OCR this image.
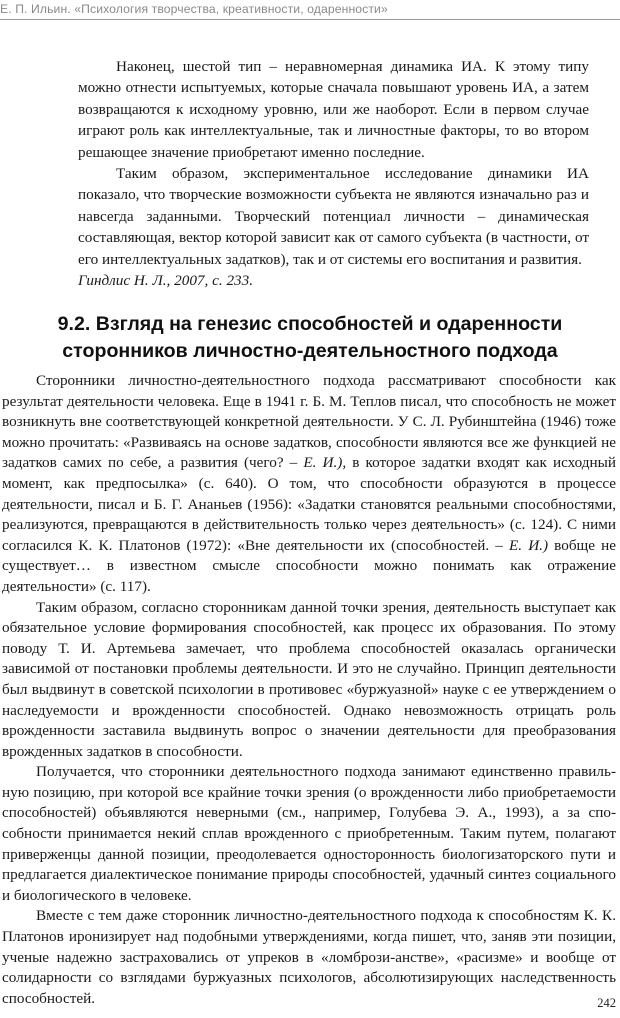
Е. П. Ильин. «Психология творчества, креативности, одаренности»

Наконец, шестой тип – неравномерная динамика ИА. К этому типу можно отнести испытуемых, которые сначала повышают уровень ИА, а затем возвращаются к исходному уровню, или же наоборот. Если в первом случае играют роль как интеллектуальные, так и личностные факторы, то во втором решающее значение приобретают именно последние.

Таким образом, экспериментальное исследование динамики ИА показало, что творческие возможности субъекта не являются изначально раз и навсегда заданными. Творческий потенциал личности – динамическая составляющая, вектор которой зависит как от самого субъекта (в частности, от его интеллектуальных задатков), так и от системы его воспитания и развития.

Гиндлис Н. Л., 2007, с. 233.

9.2. Взгляд на генезис способностей и одаренности
сторонников личностно-деятельностного подхода

Сторонники личностно-деятельностного подхода рассматривают способности как результат деятельности человека. Еще в 1941 г. Б. М. Теплов писал, что способность не может возникнуть вне соответствующей конкретной деятельности. У С. Л. Рубинштейна (1946) тоже можно прочитать: «Развиваясь на основе задатков, способности являются все же функцией не задатков самих по себе, а развития (чего? – Е. И.), в которое задатки входят как исходный момент, как предпосылка» (с. 640). О том, что способности образуются в процессе деятельности, писал и Б. Г. Ананьев (1956): «Задатки становятся реальными способностями, реализуются, превращаются в действительность только через деятельность» (с. 124). С ними согласился К. К. Платонов (1972): «Вне деятельности их (способностей. – Е. И.) вобще не существует… в известном смысле способности можно понимать как отражение деятельности» (с. 117).

Таким образом, согласно сторонникам данной точки зрения, деятельность выступает как обязательное условие формирования способностей, как процесс их образования. По этому поводу Т. И. Артемьева замечает, что проблема способностей оказалась органически зависимой от постановки проблемы деятельности. И это не случайно. Принцип деятельности был выдвинут в советской психологии в противовес «буржуазной» науке с ее утверждением о наследуемости и врожденности способностей. Однако невозможность отрицать роль врожденности заставила выдвинуть вопрос о значении деятельности для преобразования врожденных задатков в способности.

Получается, что сторонники деятельностного подхода занимают единственно правильную позицию, при которой все крайние точки зрения (о врожденности либо приобретаемости способностей) объявляются неверными (см., например, Голубева Э. А., 1993), а за способности принимается некий сплав врожденного с приобретенным. Таким путем, полагают приверженцы данной позиции, преодолевается односторонность биологизаторского пути и предлагается диалектическое понимание природы способностей, удачный синтез социального и биологического в человеке.

Вместе с тем даже сторонник личностно-деятельностного подхода к способностям К. К. Платонов иронизирует над подобными утверждениями, когда пишет, что, заняв эти позиции, ученые надежно застраховались от упреков в «ломбрози-анстве», «расизме» и вообще от солидарности со взглядами буржуазных психологов, абсолютизирующих наследственность способностей.	242
